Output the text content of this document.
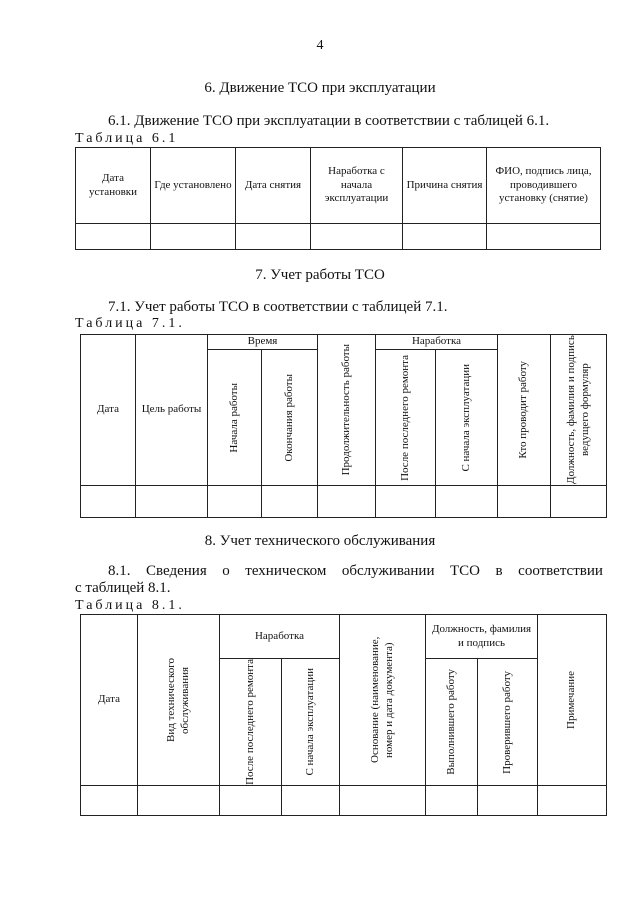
4
6. Движение ТСО при эксплуатации
6.1. Движение ТСО при эксплуатации в соответствии с таблицей 6.1.
Таблица 6.1
Дата установки	Где установлено	Дата снятия	Наработка с начала эксплуатации	Причина снятия	ФИО, подпись лица, проводившего установку (снятие)

7. Учет работы ТСО
7.1. Учет работы ТСО в соответствии с таблицей 7.1.
Таблица 7.1.
Дата	Цель работы	Время		Продолжительность работы	Наработка		Кто проводит работу	Должность, фамилия и подпись ведущего формуляр

		Начала работы	Окончания работы		После последнего ремонта	С начала эксплуатации		

8. Учет технического обслуживания
8.1. Сведения о техническом обслуживании ТСО в соответствии
с таблицей 8.1.
Таблица 8.1.
Дата	Вид технического обслуживания	Наработка		Основание (наименование, номер и дата документа)	Должность, фамилия и подпись		Примечание

		После последнего ремонта	С начала эксплуатации		Выполнившего работу	Проверившего работу	
